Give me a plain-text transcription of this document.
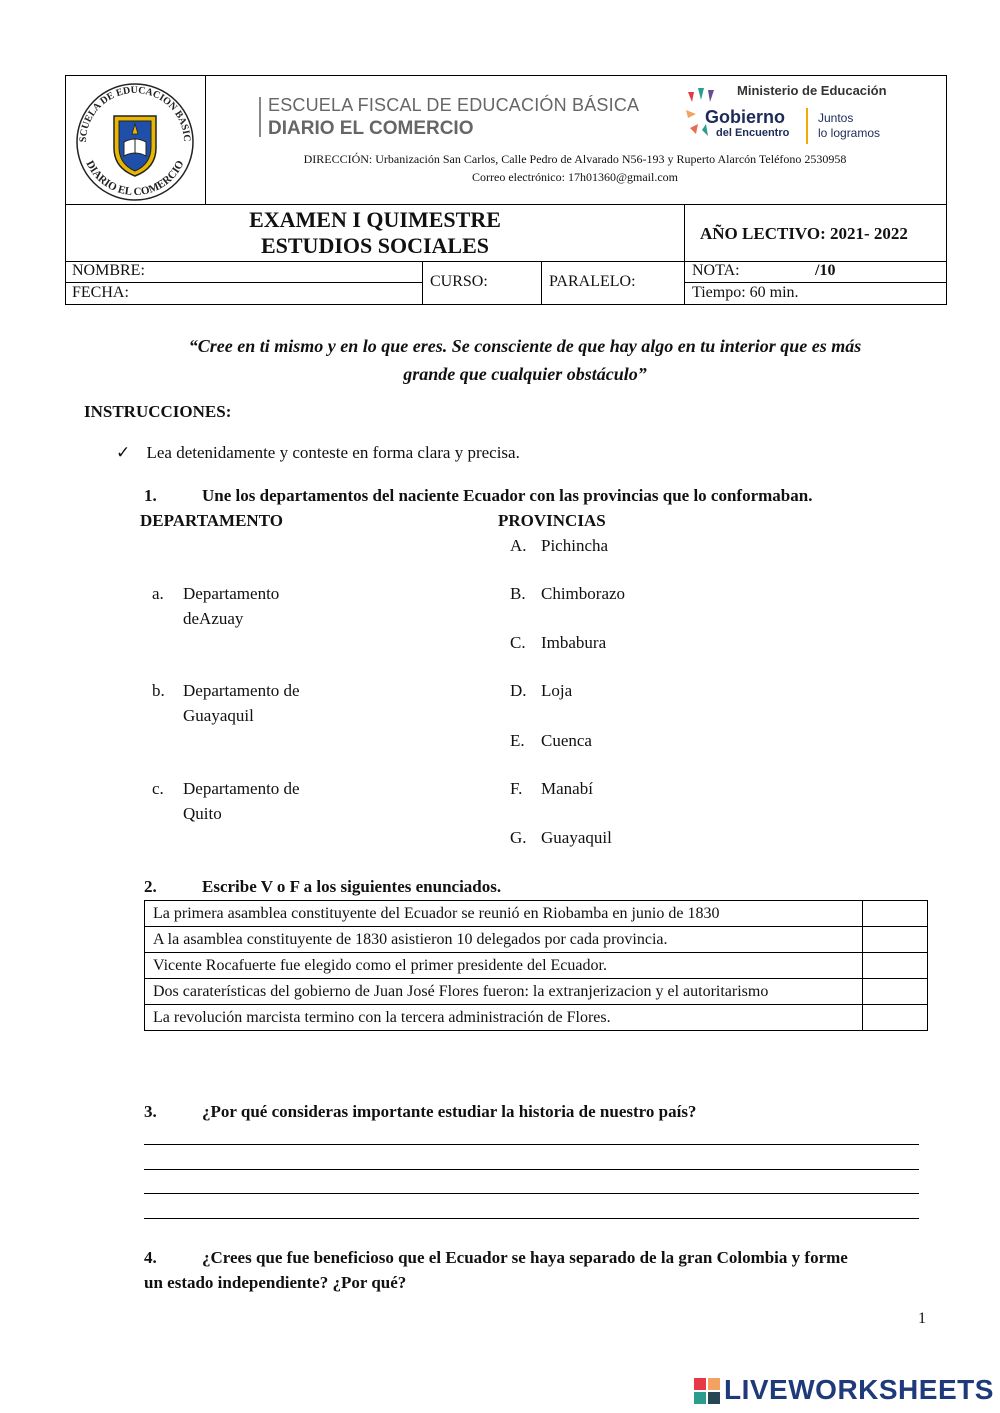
SCUELA DE EDUCACION BASIC
DIARIO EL COMERCIO
ESCUELA FISCAL DE EDUCACIÓN BÁSICA
DIARIO EL COMERCIO
Ministerio de Educación
Gobierno
del Encuentro
Juntos
lo logramos
DIRECCIÓN: Urbanización San Carlos, Calle Pedro de Alvarado N56-193 y Ruperto Alarcón Teléfono 2530958
Correo electrónico: 17h01360@gmail.com
EXAMEN I QUIMESTRE
ESTUDIOS SOCIALES	AÑO LECTIVO: 2021- 2022
NOMBRE:
FECHA:
CURSO:	PARALELO:
NOTA:	/10
Tiempo: 60 min.
“Cree en ti mismo y en lo que eres. Se consciente de que hay algo en tu interior que es más
grande que cualquier obstáculo”
INSTRUCCIONES:
✓ Lea detenidamente y conteste en forma clara y precisa.
1.	Une los departamentos del naciente Ecuador con las provincias que lo conformaban.
DEPARTAMENTO	PROVINCIAS
a. Departamento
deAzuay
b. Departamento de
Guayaquil
c. Departamento de
Quito
A. Pichincha
B. Chimborazo
C. Imbabura
D. Loja
E. Cuenca
F. Manabí
G. Guayaquil
2.	Escribe V o F a los siguientes enunciados.
La primera asamblea constituyente del Ecuador se reunió en Riobamba en junio de 1830	
A la asamblea constituyente de 1830 asistieron 10 delegados por cada provincia.	
Vicente Rocafuerte fue elegido como el primer presidente del Ecuador.	
Dos caraterísticas del gobierno de Juan José Flores fueron: la extranjerizacion y el autoritarismo	
La revolución marcista termino con la tercera administración de Flores.	
3.	¿Por qué consideras importante estudiar la historia de nuestro país?
4.	¿Crees que fue beneficioso que el Ecuador se haya separado de la gran Colombia y forme
un estado independiente? ¿Por qué?
1
LIVEWORKSHEETS
